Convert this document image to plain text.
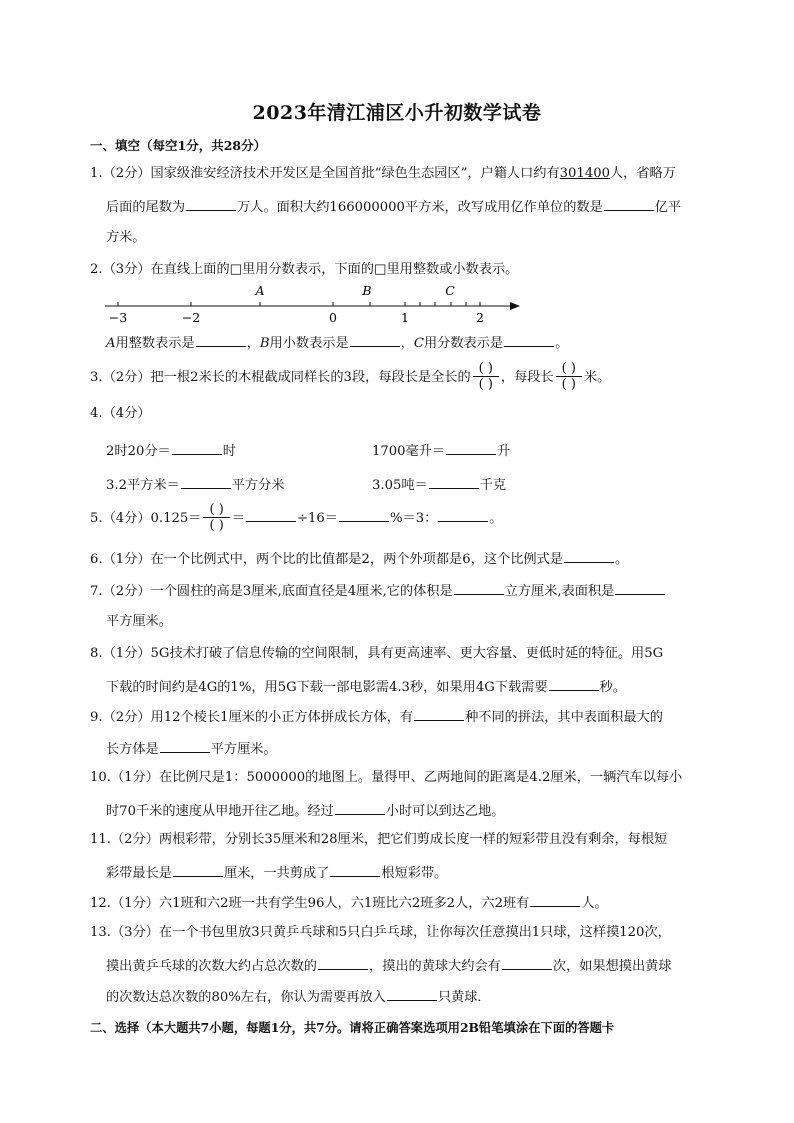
2023年清江浦区小升初数学试卷
一、填空（每空1分，共28分）
1.（2分）国家级淮安经济技术开发区是全国首批“绿色生态园区”，户籍人口约有301400人，省略万
后面的尾数为	万人。面积大约166000000平方米，改写成用亿作单位的数是	亿平
方米。
2.（3分）在直线上面的□里用分数表示，下面的□里用整数或小数表示。
A	B	C
−3	−2	0	1	2
A用整数表示是	，B用小数表示是	，C用分数表示是	。
3.（2分）把一根2米长的木棍截成同样长的3段，每段长是全长的 $\frac{( )}{( )}$ ，每段长 $\frac{( )}{( )}$ 米。
4.（4分）
2时20分＝	时	1700毫升＝	升
3.2平方米＝	平方分米	3.05吨＝	千克
5.（4分）$0.125= \frac{( )}{( )}$ ＝	÷16＝	%＝3：	。
6.（1分）在一个比例式中，两个比的比值都是2，两个外项都是6，这个比例式是	。
7.（2分）一个圆柱的高是3厘米,底面直径是4厘米,它的体积是	立方厘米,表面积是
平方厘米。
8.（1分）5G技术打破了信息传输的空间限制，具有更高速率、更大容量、更低时延的特征。用5G
下载的时间约是4G的1%，用5G下载一部电影需4.3秒，如果用4G下载需要	秒。
9.（2分）用12个棱长1厘米的小正方体拼成长方体，有	种不同的拼法，其中表面积最大的
长方体是	平方厘米。
10.（1分）在比例尺是1：5000000的地图上。量得甲、乙两地间的距离是4.2厘米，一辆汽车以每小
时70千米的速度从甲地开往乙地。经过	小时可以到达乙地。
11.（2分）两根彩带，分别长35厘米和28厘米，把它们剪成长度一样的短彩带且没有剩余，每根短
彩带最长是	厘米，一共剪成了	根短彩带。
12.（1分）六1班和六2班一共有学生96人，六1班比六2班多2人，六2班有	人。
13.（3分）在一个书包里放3只黄乒乓球和5只白乒乓球，让你每次任意摸出1只球，这样摸120次，
摸出黄乒乓球的次数大约占总次数的	，摸出的黄球大约会有	次，如果想摸出黄球
的次数达总次数的80%左右，你认为需要再放入	只黄球．
二、选择（本大题共7小题，每题1分，共7分。请将正确答案选项用2B铅笔填涂在下面的答题卡
